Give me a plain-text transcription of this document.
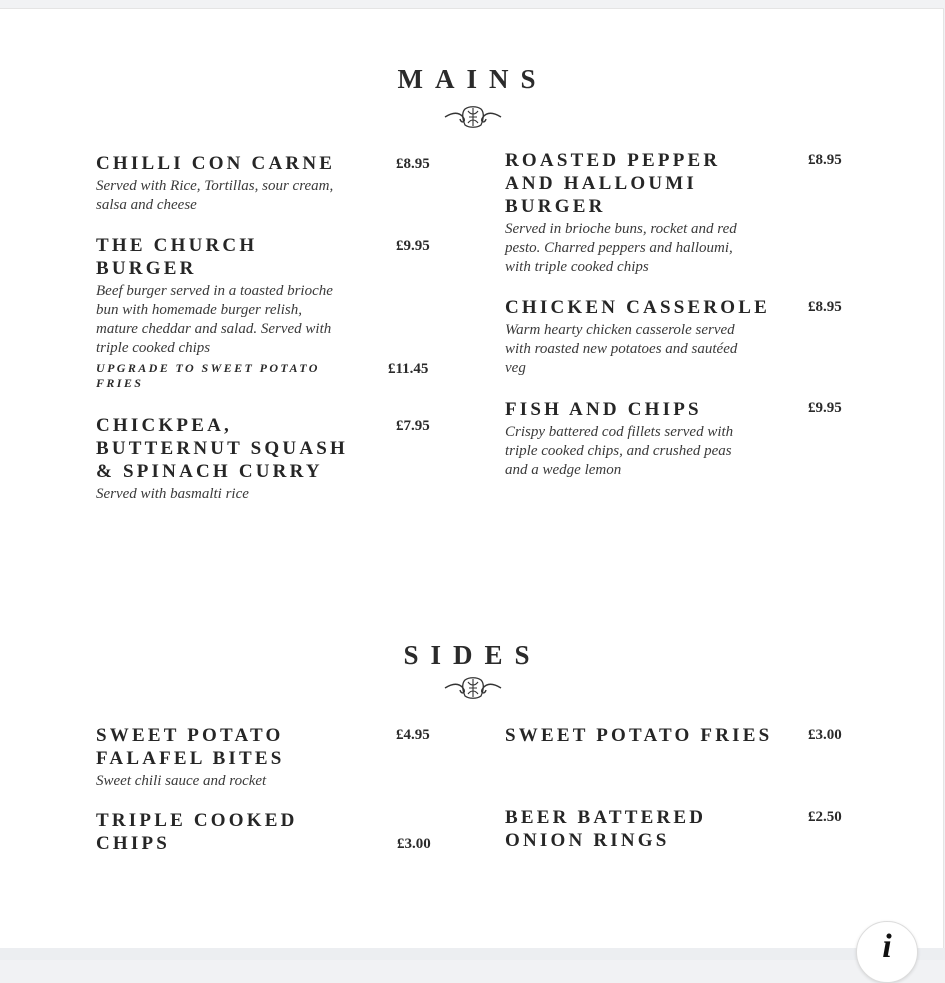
MAINS
CHILLI CON CARNE
Served with Rice, Tortillas, sour cream,
salsa and cheese
£8.95
THE CHURCH
BURGER
Beef burger served in a toasted brioche
bun with homemade burger relish,
mature cheddar and salad. Served with
triple cooked chips
£9.95
UPGRADE TO SWEET POTATO
FRIES
£11.45
CHICKPEA,
BUTTERNUT SQUASH
& SPINACH CURRY
Served with basmalti rice
£7.95
ROASTED PEPPER
AND HALLOUMI
BURGER
Served in brioche buns, rocket and red
pesto. Charred peppers and halloumi,
with triple cooked chips
£8.95
CHICKEN CASSEROLE
Warm hearty chicken casserole served
with roasted new potatoes and sautéed
veg
£8.95
FISH AND CHIPS
Crispy battered cod fillets served with
triple cooked chips, and crushed peas
and a wedge lemon
£9.95
SIDES
SWEET POTATO
FALAFEL BITES
Sweet chili sauce and rocket
£4.95
TRIPLE COOKED
CHIPS	£3.00
SWEET POTATO FRIES	£3.00
BEER BATTERED
ONION RINGS
£2.50
i
